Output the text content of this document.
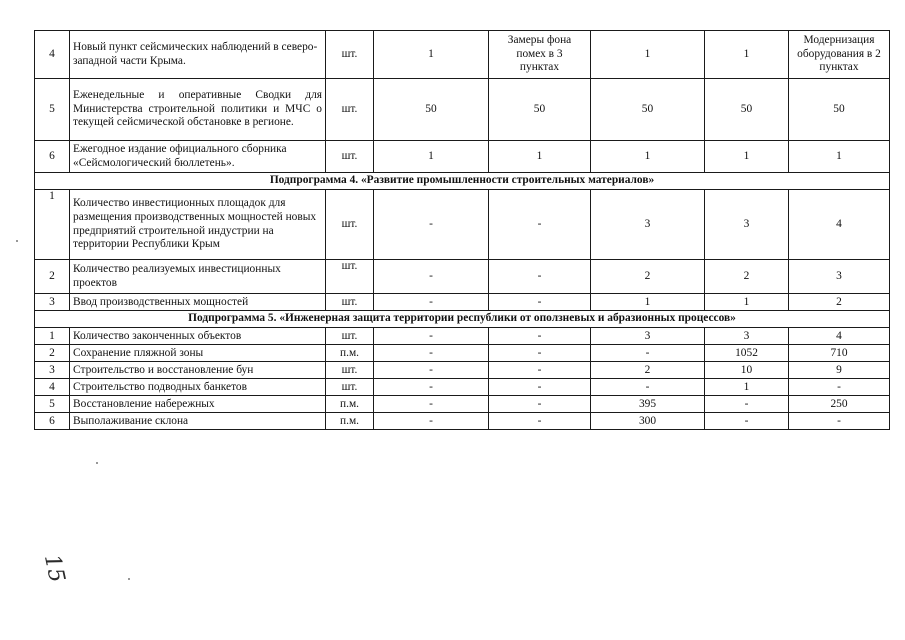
4	Новый пункт сейсмических наблюдений в северо-западной части Крыма.	шт.	1	Замеры фона помех в 3 пунктах	1	1	Модернизация оборудования в 2 пунктах
5	Еженедельные и оперативные Сводки для Министерства строительной политики и МЧС о текущей сейсмической обстановке в регионе.	шт.	50	50	50	50	50
6	Ежегодное издание официального сборника «Сейсмологический бюллетень».	шт.	1	1	1	1	1
Подпрограмма 4. «Развитие промышленности строительных материалов»							
1	Количество инвестиционных площадок для размещения производственных мощностей новых предприятий строительной индустрии на территории Республики Крым	шт.	-	-	3	3	4
2	Количество реализуемых инвестиционных проектов	шт.	-	-	2	2	3
3	Ввод производственных мощностей	шт.	-	-	1	1	2
Подпрограмма 5. «Инженерная защита территории республики от оползневых и абразионных процессов»							
1	Количество законченных объектов	шт.	-	-	3	3	4
2	Сохранение пляжной зоны	п.м.	-	-	-	1052	710
3	Строительство и восстановление бун	шт.	-	-	2	10	9
4	Строительство подводных банкетов	шт.	-	-	-	1	-
5	Восстановление набережных	п.м.	-	-	395	-	250
6	Выполаживание склона	п.м.	-	-	300	-	-
15
